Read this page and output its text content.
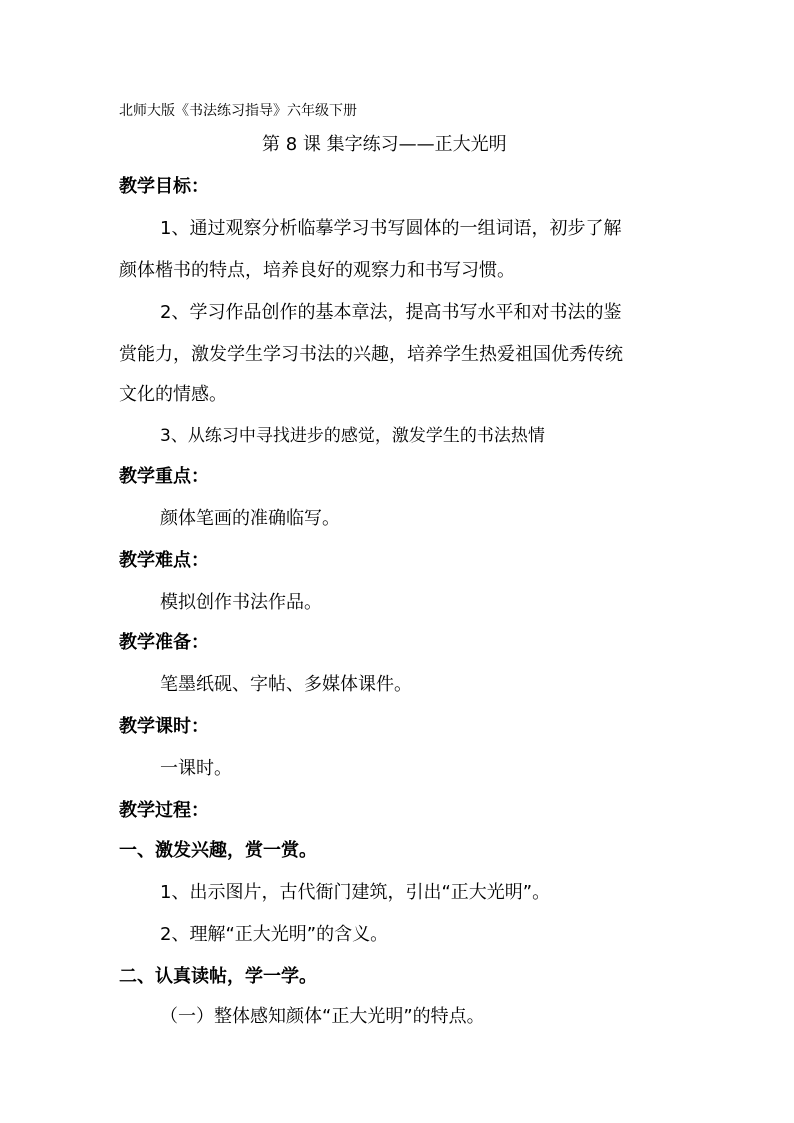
北师大版《书法练习指导》六年级下册
第 8 课 集字练习——正大光明
教学目标：
1、通过观察分析临摹学习书写圆体的一组词语，初步了解
颜体楷书的特点，培养良好的观察力和书写习惯。
2、学习作品创作的基本章法，提高书写水平和对书法的鉴
赏能力，激发学生学习书法的兴趣，培养学生热爱祖国优秀传统
文化的情感。
3、从练习中寻找进步的感觉，激发学生的书法热情
教学重点：
颜体笔画的准确临写。
教学难点：
模拟创作书法作品。
教学准备：
笔墨纸砚、字帖、多媒体课件。
教学课时：
一课时。
教学过程：
一、激发兴趣，赏一赏。
1、出示图片，古代衙门建筑，引出“正大光明”。
2、理解“正大光明”的含义。
二、认真读帖，学一学。
（一）整体感知颜体“正大光明”的特点。
